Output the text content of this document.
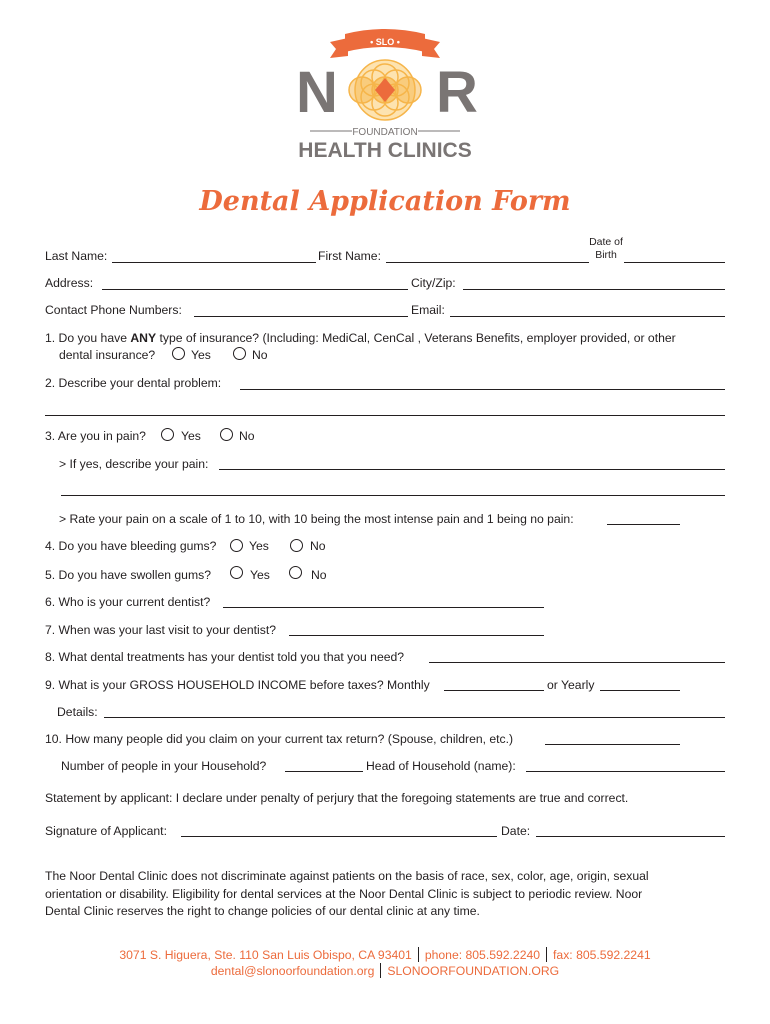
• SLO •
N R
FOUNDATION
HEALTH CLINICS
Dental Application Form
Last Name:	First Name:
Date of
Birth
Address:	City/Zip:
Contact Phone Numbers:	Email:
1. Do you have ANY type of insurance? (Including: MediCal, CenCal , Veterans Benefits, employer provided, or other
dental insurance?	Yes	No
2. Describe your dental problem:
3. Are you in pain?	Yes	No
> If yes, describe your pain:
> Rate your pain on a scale of 1 to 10, with 10 being the most intense pain and 1 being no pain:
4. Do you have bleeding gums?	Yes	No
5. Do you have swollen gums?	Yes	No
6. Who is your current dentist?
7. When was your last visit to your dentist?
8. What dental treatments has your dentist told you that you need?
9. What is your GROSS HOUSEHOLD INCOME before taxes? Monthly	or Yearly
Details:
10. How many people did you claim on your current tax return? (Spouse, children, etc.)
Number of people in your Household?	Head of Household (name):
Statement by applicant: I declare under penalty of perjury that the foregoing statements are true and correct.
Signature of Applicant:	Date:
The Noor Dental Clinic does not discriminate against patients on the basis of race, sex, color, age, origin, sexual
orientation or disability. Eligibility for dental services at the Noor Dental Clinic is subject to periodic review. Noor
Dental Clinic reserves the right to change policies of our dental clinic at any time.
3071 S. Higuera, Ste. 110 San Luis Obispo, CA 93401 phone: 805.592.2240 fax: 805.592.2241
dental@slonoorfoundation.org SLONOORFOUNDATION.ORG
